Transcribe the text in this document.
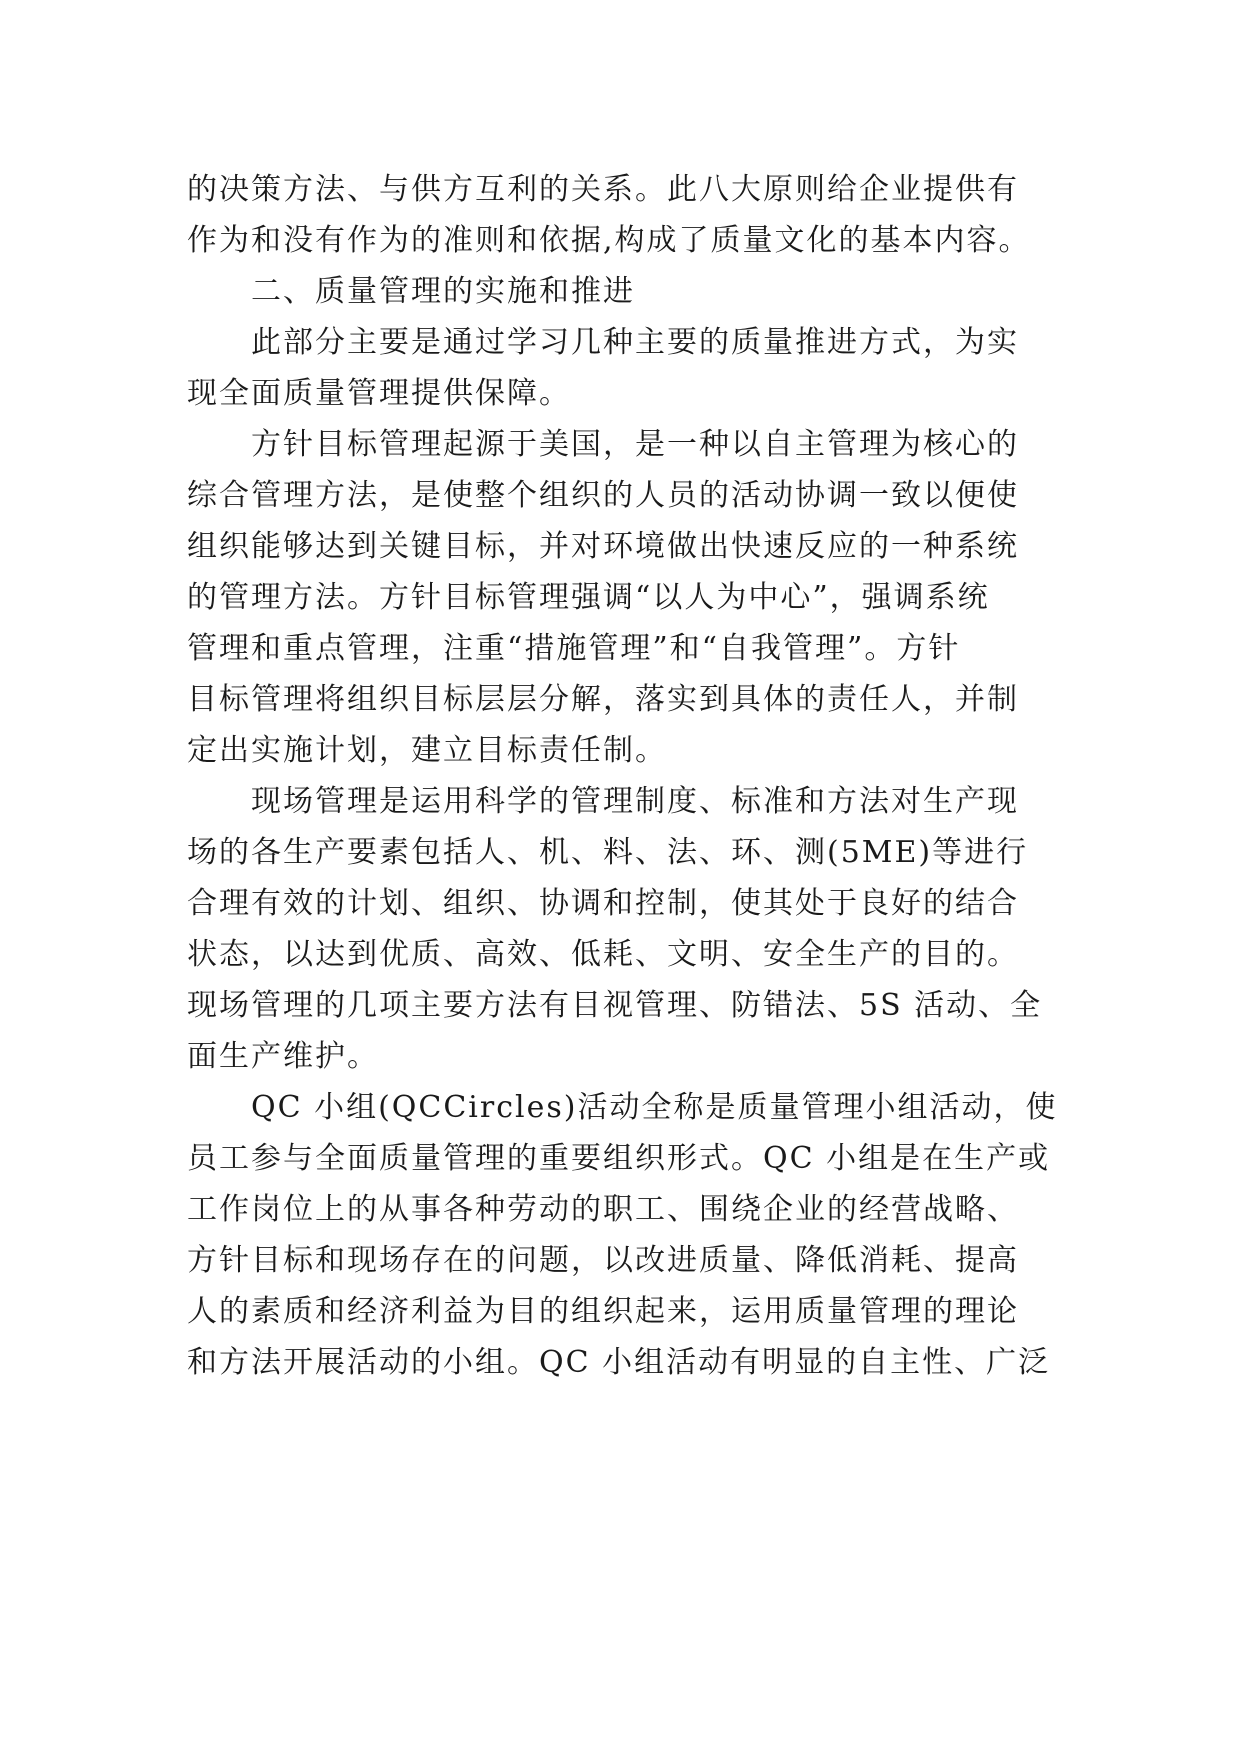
的决策方法、与供方互利的关系。此八大原则给企业提供有
作为和没有作为的准则和依据,构成了质量文化的基本内容。
二、质量管理的实施和推进
此部分主要是通过学习几种主要的质量推进方式，为实
现全面质量管理提供保障。
方针目标管理起源于美国，是一种以自主管理为核心的
综合管理方法，是使整个组织的人员的活动协调一致以便使
组织能够达到关键目标，并对环境做出快速反应的一种系统
的管理方法。方针目标管理强调“以人为中心”，强调系统
管理和重点管理，注重“措施管理”和“自我管理”。方针
目标管理将组织目标层层分解，落实到具体的责任人，并制
定出实施计划，建立目标责任制。
现场管理是运用科学的管理制度、标准和方法对生产现
场的各生产要素包括人、机、料、法、环、测(5ME)等进行
合理有效的计划、组织、协调和控制，使其处于良好的结合
状态，以达到优质、高效、低耗、文明、安全生产的目的。
现场管理的几项主要方法有目视管理、防错法、5S 活动、全
面生产维护。
QC 小组(QCCircles)活动全称是质量管理小组活动，使
员工参与全面质量管理的重要组织形式。QC 小组是在生产或
工作岗位上的从事各种劳动的职工、围绕企业的经营战略、
方针目标和现场存在的问题，以改进质量、降低消耗、提高
人的素质和经济利益为目的组织起来，运用质量管理的理论
和方法开展活动的小组。QC 小组活动有明显的自主性、广泛
